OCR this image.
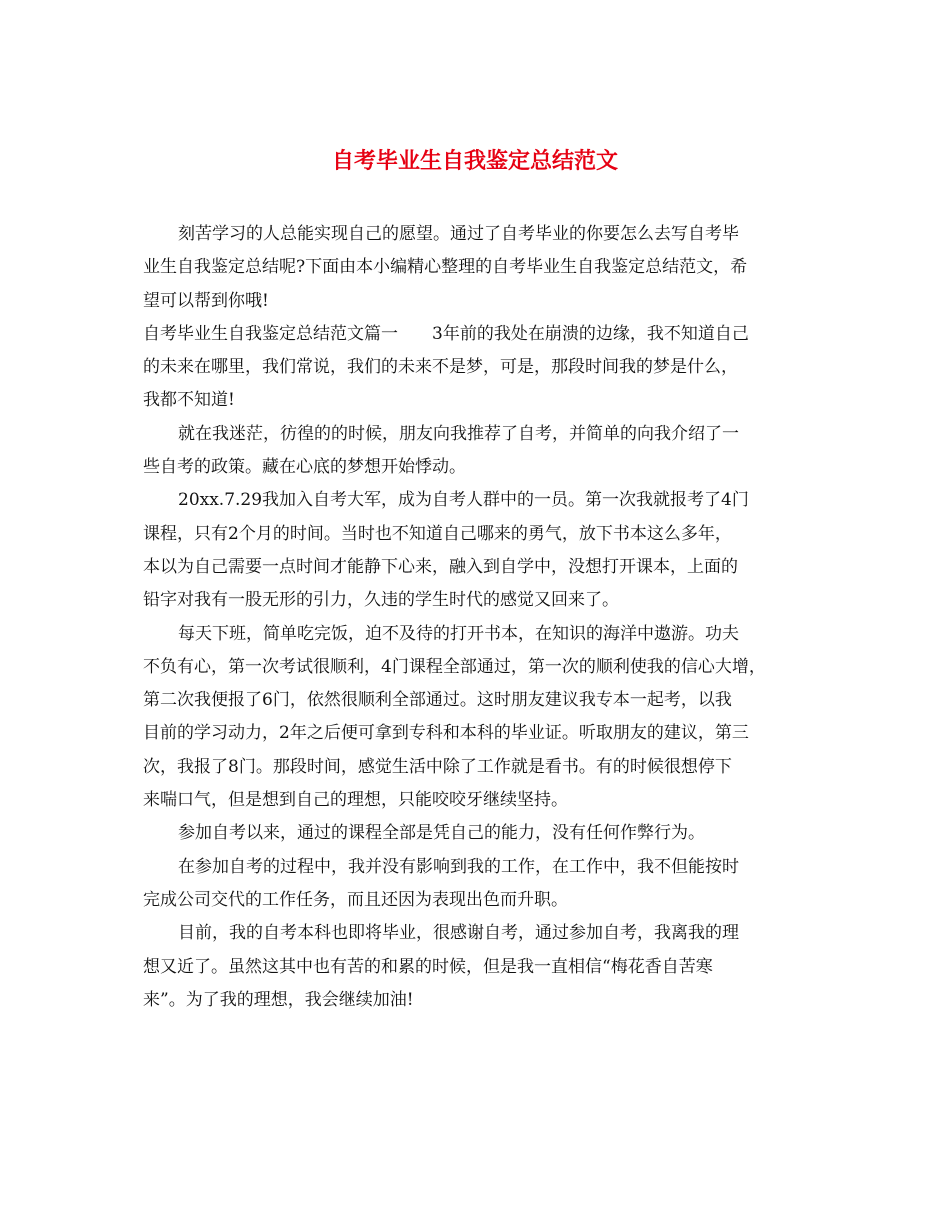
自考毕业生自我鉴定总结范文
刻苦学习的人总能实现自己的愿望。通过了自考毕业的你要怎么去写自考毕
业生自我鉴定总结呢?下面由本小编精心整理的自考毕业生自我鉴定总结范文，希
望可以帮到你哦!
自考毕业生自我鉴定总结范文篇一　　3年前的我处在崩溃的边缘，我不知道自己
的未来在哪里，我们常说，我们的未来不是梦，可是，那段时间我的梦是什么，
我都不知道!
就在我迷茫，彷徨的的时候，朋友向我推荐了自考，并简单的向我介绍了一
些自考的政策。藏在心底的梦想开始悸动。
20xx.7.29我加入自考大军，成为自考人群中的一员。第一次我就报考了4门
课程，只有2个月的时间。当时也不知道自己哪来的勇气，放下书本这么多年，
本以为自己需要一点时间才能静下心来，融入到自学中，没想打开课本，上面的
铅字对我有一股无形的引力，久违的学生时代的感觉又回来了。
每天下班，简单吃完饭，迫不及待的打开书本，在知识的海洋中遨游。功夫
不负有心，第一次考试很顺利，4门课程全部通过，第一次的顺利使我的信心大增，
第二次我便报了6门，依然很顺利全部通过。这时朋友建议我专本一起考，以我
目前的学习动力，2年之后便可拿到专科和本科的毕业证。听取朋友的建议，第三
次，我报了8门。那段时间，感觉生活中除了工作就是看书。有的时候很想停下
来喘口气，但是想到自己的理想，只能咬咬牙继续坚持。
参加自考以来，通过的课程全部是凭自己的能力，没有任何作弊行为。
在参加自考的过程中，我并没有影响到我的工作，在工作中，我不但能按时
完成公司交代的工作任务，而且还因为表现出色而升职。
目前，我的自考本科也即将毕业，很感谢自考，通过参加自考，我离我的理
想又近了。虽然这其中也有苦的和累的时候，但是我一直相信“梅花香自苦寒
来”。为了我的理想，我会继续加油!
